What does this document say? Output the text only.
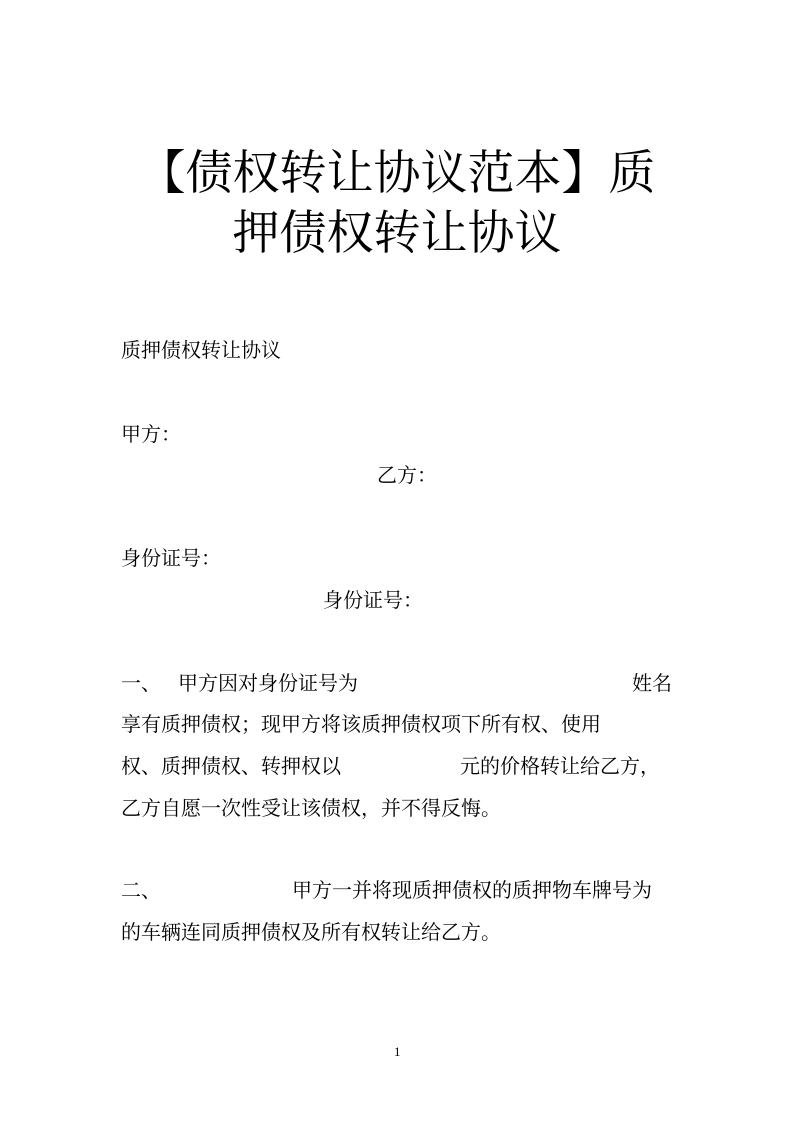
【债权转让协议范本】质
押债权转让协议
质押债权转让协议
甲方：
乙方：
身份证号：
身份证号：
一、 甲方因对身份证号为	姓名
享有质押债权；现甲方将该质押债权项下所有权、使用
权、质押债权、转押权以	元的价格转让给乙方，
乙方自愿一次性受让该债权，并不得反悔。
二、	甲方一并将现质押债权的质押物车牌号为
的车辆连同质押债权及所有权转让给乙方。
1
